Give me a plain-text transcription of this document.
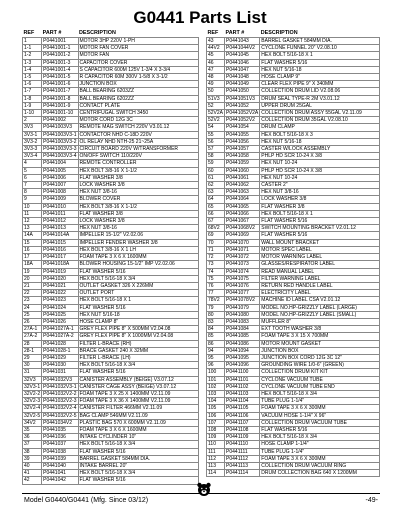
G0441 Parts List
REF	PART #	DESCRIPTION
1	P0441001	MOTOR 3HP 220V 1-PH
1-1	P0441001-1	MOTOR FAN COVER
1-2	P0441001-2	MOTOR FAN
1-3	P0441001-3	CAPACITOR COVER
1-4	P0441001-4	S CAPACITOR 600M 125V 1-3/4 X 3-3/4
1-5	P0441001-5	R CAPACITOR 60M 300V 1-5/8 X 3-1/2
1-6	P0441001-6	JUNCTION BOX
1-7	P0441001-7	BALL BEARING 6203ZZ
1-8	P0441001-8	BALL BEARING 6202ZZ
1-9	P0441001-9	CONTACT PLATE
1-10	P0441001-10	CENTRIFUGAL SWITCH 3450
2	P0441002	MOTOR CORD 12G 3C
3V3	P0441003V3	REMOTE MAG SWITCH 220V V3.01.12
3V3-1	P0441003V3-1	CONTACTOR NHD C-18D 220V
3V3-2	P0441003V3-2	OL RELAY NHD NTH-25 21~25A
3V3-3	P0441003V3-3	CIRCUIT BOARD 220V W/TRANSFORMER
3V3-4	P0441003V3-4	ON/OFF SWITCH 110/220V
4	P0441004	REMOTE CONTROLLER
5	P0441005	HEX BOLT 3/8-16 X 1-1/2
6	P0441006	FLAT WASHER 3/8
7	P0441007	LOCK WASHER 3/8
8	P0441008	HEX NUT 3/8-16
9	P0441009	BLOWER COVER
10	P0441010	HEX BOLT 3/8-16 X 1-1/2
11	P0441011	FLAT WASHER 3/8
12	P0441012	LOCK WASHER 3/8
13	P0441013	HEX NUT 3/8-16
14A	P0441014A	IMPELLER 15-1/2" V2.02.06
15	P0441015	IMPELLER FENDER WASHER 3/8
16	P0441016	HEX BOLT 3/8-16 X 1 LH
17	P0441017	FOAM TAPE 3 X 6 X 1600MM
18A	P0441018A	BLOWER HOUSING 15-1/2" IMP V2.02.06
19	P0441019	FLAT WASHER 5/16
20	P0441020	HEX BOLT 5/16-18 X 3/4
21	P0441021	OUTLET GASKET 326 X 226MM
22	P0441022	OUTLET PORT
23	P0441023	HEX BOLT 5/16-18 X 1
24	P0441024	FLAT WASHER 5/16
25	P0441025	HEX NUT 5/16-18
26	P0441026	HOSE CLAMP 8"
27A-1	P0441027A-1	GREY FLEX PIPE 8" X 500MM V2.04.08
27A-2	P0441027A-2	GREY FLEX PIPE 8" X 1000MM V2.04.08
28	P0441028	FILTER L-BRACE (RH)
28-1	P0441028-1	BRACE GASKET 240 X 32MM
29	P0441029	FILTER L-BRACE (LH)
30	P0441030	HEX BOLT 5/16-18 X 3/4
31	P0441031	FLAT WASHER 5/16
32V3	P0441032V3	CANISTER ASSEMBLY (BEIGE) V3.07.12
32V3-1	P0441032V3-1	CANISTER CAGE ASSY (BEIGE) V3.07.12
32V2-2	P0441032V2-2	FOAM TAPE 3 X 25 X 1400MM V2.11.09
32V2-3	P0441032V2-3	FOAM TAPE 3 X 36 X 1400MM V2.11.09
32V2-4	P0441032V2-4	CANISTER FILTER 466MM V2.11.09
32V2-5	P0441032V2-5	BAG CLAMP 546MM V2.11.09
34V2	P0441034V2	PLASTIC BAG 570 X 600MM V2.11.09
35	P0441035	FOAM TAPE 3 X 6 X 1600MM
36	P0441036	INTAKE CYCLINDER 10"
37	P0441037	HEX BOLT 5/16-18 X 3/4
38	P0441038	FLAT WASHER 5/16
39	P0441039	BARREL GASKET 584MM DIA.
40	P0441040	INTAKE BARREL 20"
41	P0441041	HEX BOLT 5/16-18 X 3/4
42	P0441042	FLAT WASHER 5/16
REF	PART #	DESCRIPTION
43	P0441043	BARREL GASKET 584MM DIA.
44V2	P0441044V2	CYCLONE FUNNEL 20" V2.08.10
45	P0441045	HEX BOLT 5/16-18 X 1
46	P0441046	FLAT WASHER 5/16
47	P0441047	HEX NUT 5/16-18
48	P0441048	HOSE CLAMP 9"
49	P0441049	CLEAR FLEX PIPE 9" X 340MM
50	P0441050	COLLECTION DRUM LID V2.08.06
51V3	P0441051V3	DRUM SEAL TYPE-R 2M V3.01.12
52	P0441052	UPPER DRUM 25GAL
52V2A	P0441052V2A	COLLECTION DRUM ASSY 55GAL V2.11.09
52V2	P0441052V2	COLLECTION DRUM 35GAL V2.08.10
54	P0441054	DRUM CLAMP
55	P0441055	HEX BOLT 5/16-18 X 3
56	P0441056	HEX NUT 5/16-18
57	P0441057	CASTER W/LOCK ASSEMBLY
58	P0441058	PHLP HD SCR 10-24 X 3/8
59	P0441059	HEX NUT 10-24
60	P0441060	PHLP HD SCR 10-24 X 3/8
61	P0441061	HEX NUT 10-24
62	P0441062	CASTER 2"
63	P0441063	HEX NUT 3/8-16
64	P0441064	LOCK WASHER 3/8
65	P0441065	FLAT WASHER 3/8
66	P0441066	HEX BOLT 5/16-18 X 1
67	P0441067	FLAT WASHER 5/16
68V2	P0441068V2	SWITCH MOUNTING BRACKET V2.01.12
69	P0441069	FLAT WASHER 5/16
70	P0441070	WALL MOUNT BRACKET
71	P0441071	MOTOR SPEC LABEL
72	P0441072	MOTOR WARNING LABEL
73	P0441073	GLASSES/RESPIRATOR LABEL
74	P0441074	READ MANUAL LABEL
75	P0441075	FILTER WARNING LABEL
76	P0441076	RETURN RED HANDLE LABEL
77	P0441077	ELECTRICITY LABEL
78V2	P0441078V2	MACHINE ID LABEL CSA V2.01.12
79	P0441079	MODEL NO.HP-GRIZZLY LABEL (LARGE)
80	P0441080	MODEL NO.HP-GRIZZLY LABEL (SMALL)
83	P0441083	MUFFLER 8"
84	P0441084	EXT TOOTH WASHER 3/8
85	P0441085	FOAM TAPE 3 X 15 X 700MM
86	P0441086	MOTOR MOUNT GASKET
94	P0441094	JUNCTION BOX
95	P0441095	JUNCTION BOX CORD 12G 3C 12"
96	P0441096	GROUNDING WIRE 1/0-6" (GREEN)
100	P0441100	COLLECTION DRUM KIT KIT
101	P0441101	CYCLONE VACUUM TUBE
102	P0441102	CYCLONE VACUUM TUBE END
103	P0441103	HEX BOLT 5/16-18 X 3/4
104	P0441104	TUBE PLUG 1-1/4"
105	P0441105	FOAM TAPE 3 X 6 X 300MM
106	P0441106	VACUUM HOSE 1-1/4" X 96"
107	P0441107	COLLECTION DRUM VACUUM TUBE
108	P0441108	FLAT WASHER 5/16
109	P0441109	HEX BOLT 5/16-18 X 3/4
110	P0441110	HOSE CLAMP 1-1/4"
111	P0441111	TUBE PLUG 1-1/4"
112	P0441112	FOAM TAPE 3 X 6 X 300MM
113	P0441113	COLLECTION DRUM VACUUM RING
114	P0441114	DRUM COLLECTION BAG 640 X 1200MM
Model G0440/G0441 (Mfg. Since 03/12)	-49-
